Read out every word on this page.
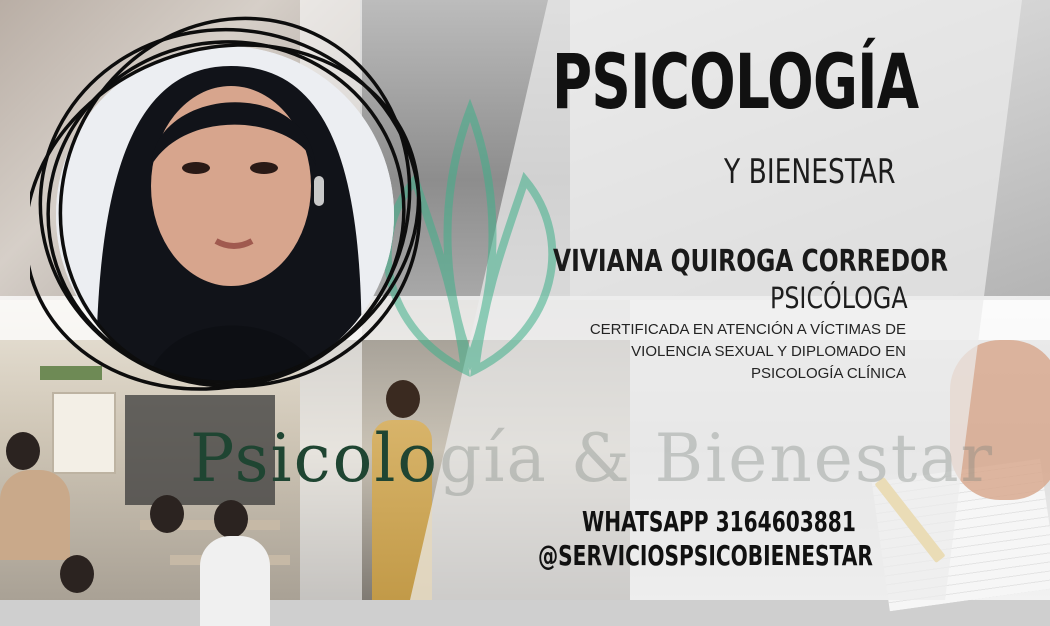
PSICOLOGÍA
Y BIENESTAR
VIVIANA QUIROGA CORREDOR
PSICÓLOGA
CERTIFICADA EN ATENCIÓN A VÍCTIMAS DE
VIOLENCIA SEXUAL Y DIPLOMADO EN
PSICOLOGÍA CLÍNICA
Psicología & Bienestar
WHATSAPP 3164603881
@SERVICIOSPSICOBIENESTAR
